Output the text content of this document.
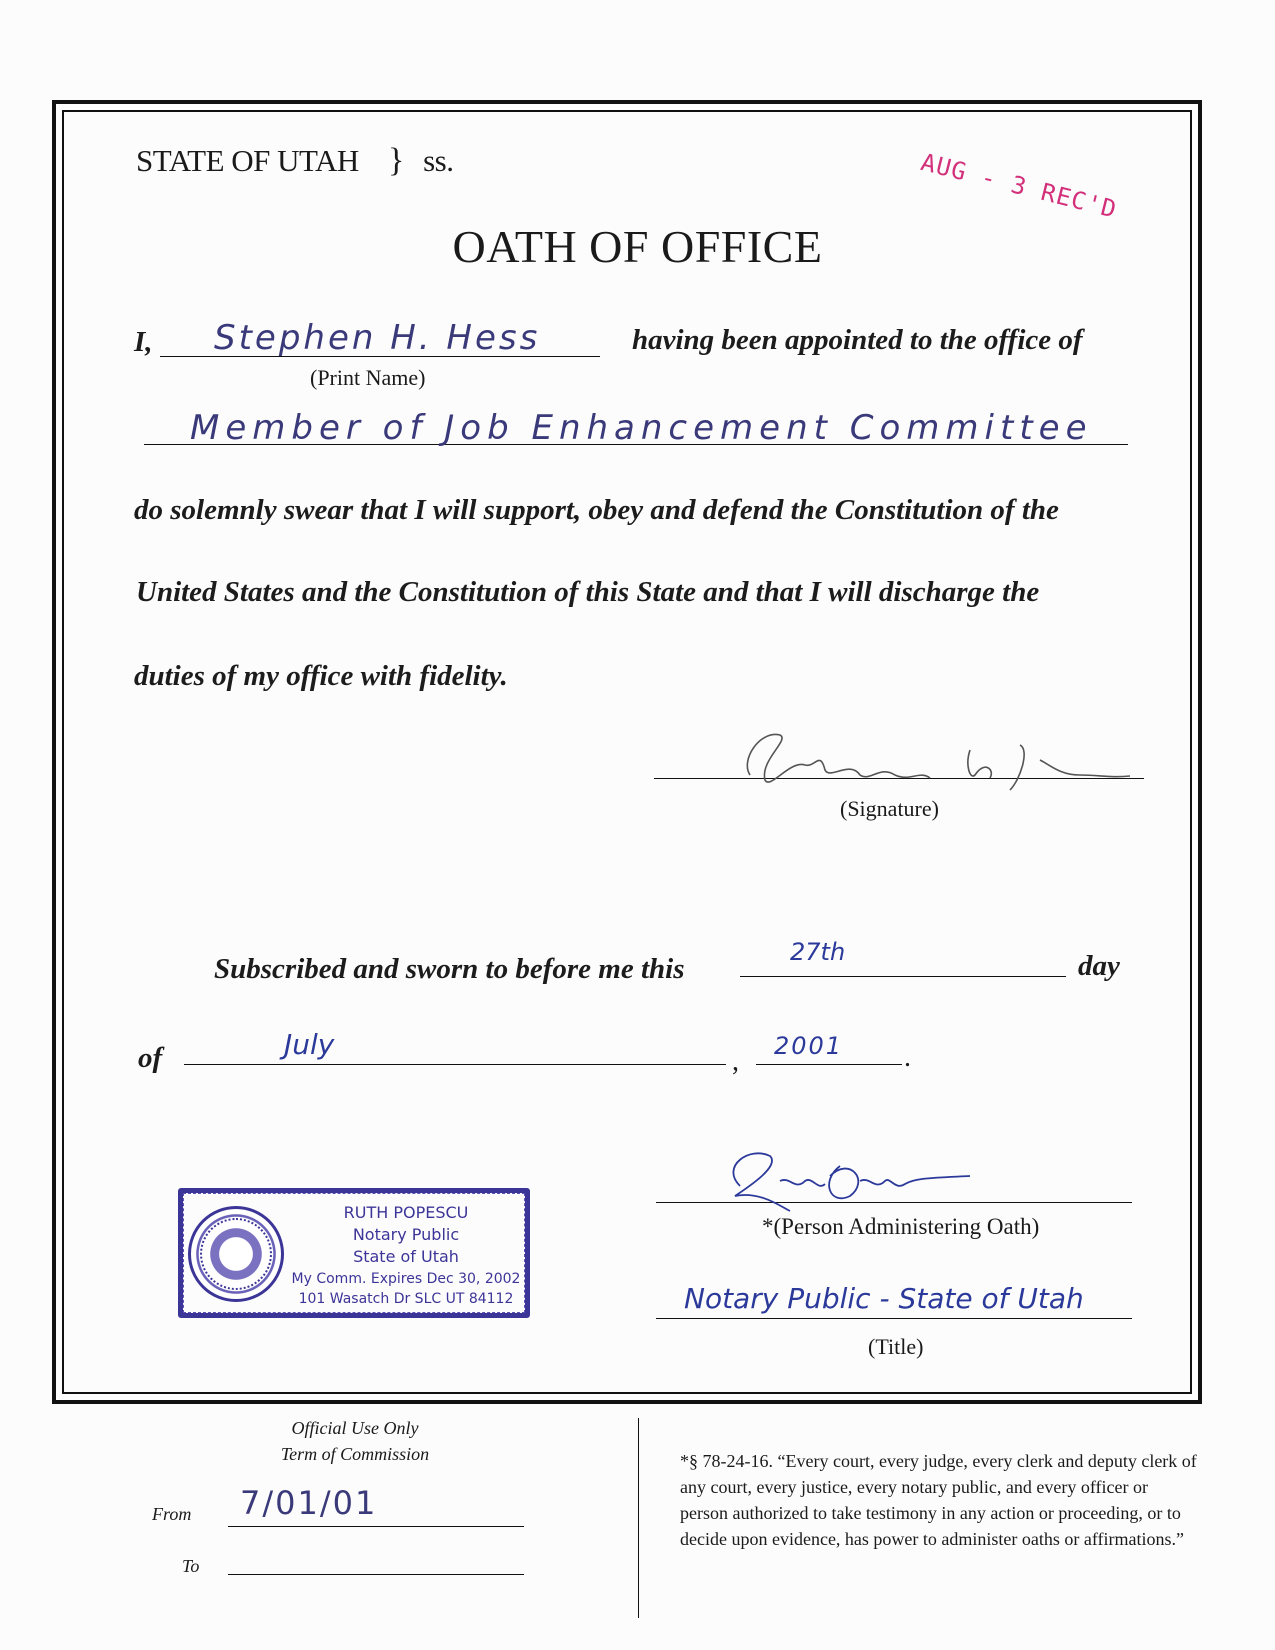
STATE OF UTAH } ss.	AUG - 3 REC'D
OATH OF OFFICE
I, Stephen H. Hess
(Print Name)
having been appointed to the office of
Member of Job Enhancement Committee
do solemnly swear that I will support, obey and defend the Constitution of the
United States and the Constitution of this State and that I will discharge the
duties of my office with fidelity.
(Signature)
Subscribed and sworn to before me this
27th	day
of	July
, 2001 .
RUTH POPESCU
Notary Public
State of Utah
My Comm. Expires Dec 30, 2002
101 Wasatch Dr SLC UT 84112
*(Person Administering Oath)
Notary Public - State of Utah
(Title)
Official Use Only
Term of Commission
From 7/01/01
To
*§ 78-24-16. “Every court, every judge, every clerk and deputy clerk of any court, every justice, every notary public, and every officer or person authorized to take testimony in any action or proceeding, or to decide upon evidence, has power to administer oaths or affirmations.”
